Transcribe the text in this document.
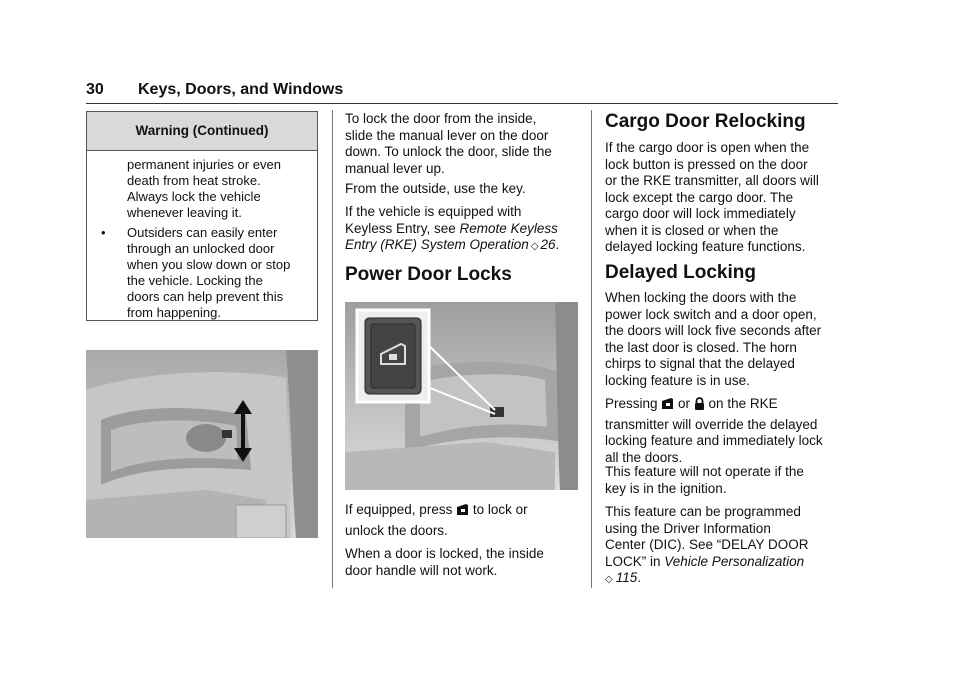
30 Keys, Doors, and Windows
Warning (Continued)
permanent injuries or even
death from heat stroke.
Always lock the vehicle
whenever leaving it.
• Outsiders can easily enter
through an unlocked door
when you slow down or stop
the vehicle. Locking the
doors can help prevent this
from happening.
To lock the door from the inside,
slide the manual lever on the door
down. To unlock the door, slide the
manual lever up.
From the outside, use the key.
If the vehicle is equipped with
Keyless Entry, see Remote Keyless
Entry (RKE) System Operation ◇ 26.
Power Door Locks
If equipped, press  to lock or
unlock the doors.
When a door is locked, the inside
door handle will not work.
Cargo Door Relocking
If the cargo door is open when the
lock button is pressed on the door
or the RKE transmitter, all doors will
lock except the cargo door. The
cargo door will lock immediately
when it is closed or when the
delayed locking feature functions.
Delayed Locking
When locking the doors with the
power lock switch and a door open,
the doors will lock five seconds after
the last door is closed. The horn
chirps to signal that the delayed
locking feature is in use.
Pressing  or  on the RKE
transmitter will override the delayed
locking feature and immediately lock
all the doors.
This feature will not operate if the
key is in the ignition.
This feature can be programmed
using the Driver Information
Center (DIC). See “DELAY DOOR
LOCK” in Vehicle Personalization
◇ 115.
